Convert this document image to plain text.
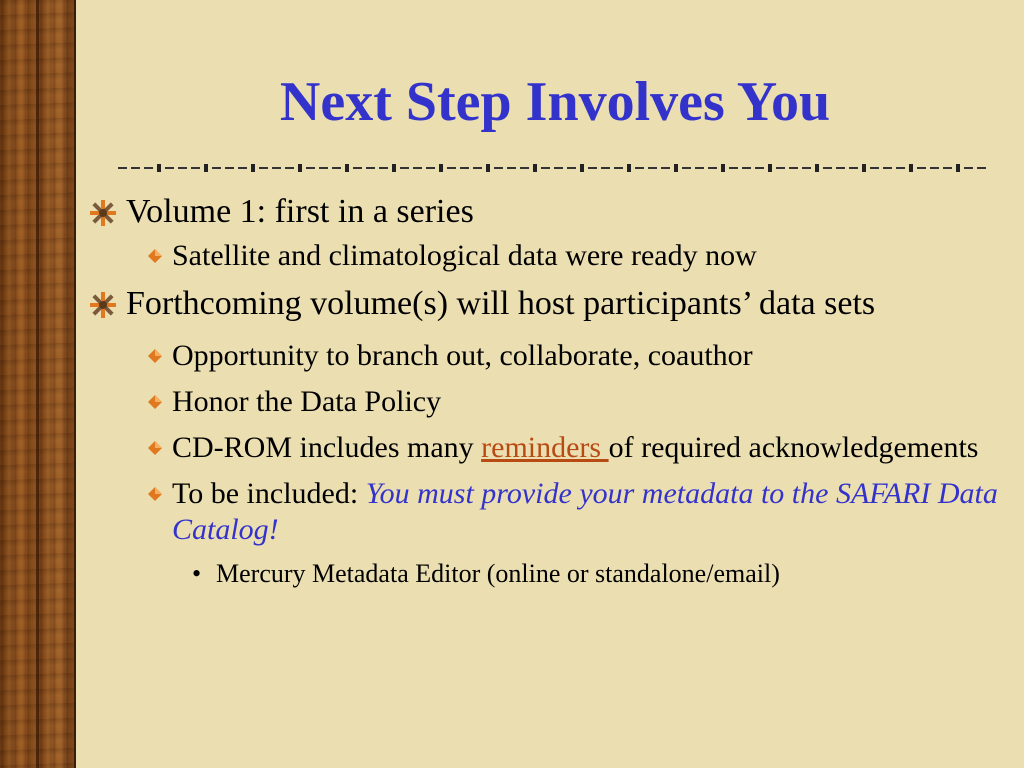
Next Step Involves You
Volume 1: first in a series
Satellite and climatological data were ready now
Forthcoming volume(s) will host participants’ data sets
Opportunity to branch out, collaborate, coauthor
Honor the Data Policy
CD-ROM includes many reminders of required acknowledgements
To be included: You must provide your metadata to the SAFARI Data Catalog!
• Mercury Metadata Editor (online or standalone/email)
